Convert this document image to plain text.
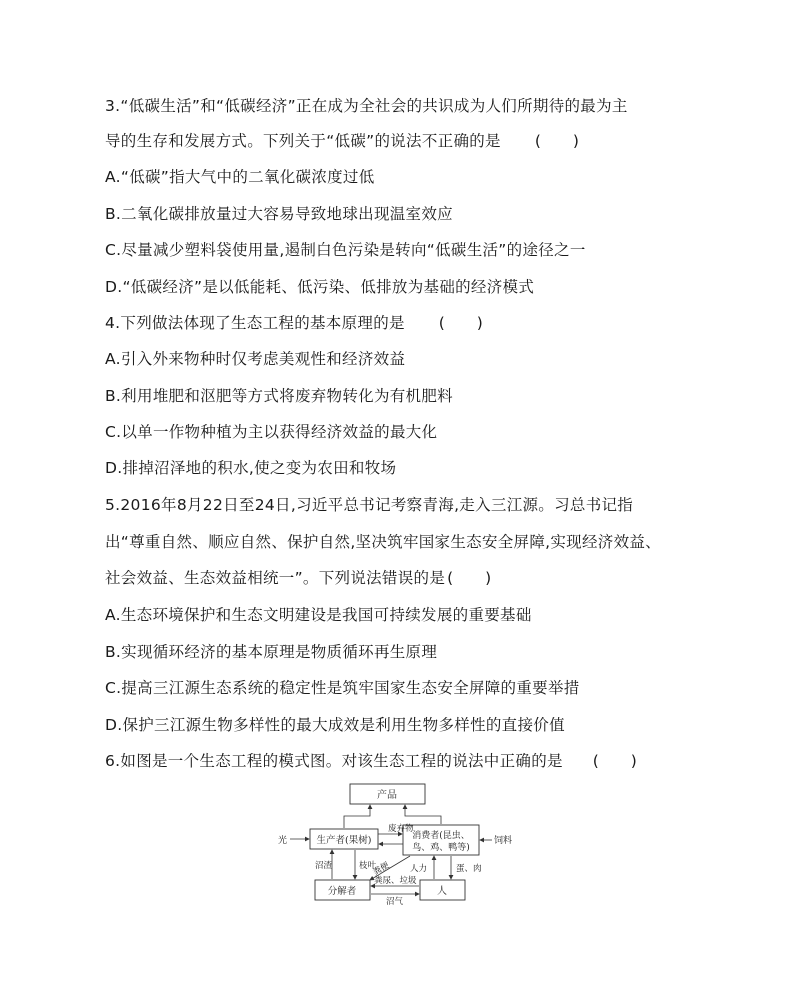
3.“低碳生活”和“低碳经济”正在成为全社会的共识成为人们所期待的最为主
导的生存和发展方式。下列关于“低碳”的说法不正确的是 (　　)
A.“低碳”指大气中的二氧化碳浓度过低
B.二氧化碳排放量过大容易导致地球出现温室效应
C.尽量减少塑料袋使用量,遏制白色污染是转向“低碳生活”的途径之一
D.“低碳经济”是以低能耗、低污染、低排放为基础的经济模式
4.下列做法体现了生态工程的基本原理的是 (　　)
A.引入外来物种时仅考虑美观性和经济效益
B.利用堆肥和沤肥等方式将废弃物转化为有机肥料
C.以单一作物种植为主以获得经济效益的最大化
D.排掉沼泽地的积水,使之变为农田和牧场
5.2016年8月22日至24日,习近平总书记考察青海,走入三江源。习总书记指
出“尊重自然、顺应自然、保护自然,坚决筑牢国家生态安全屏障,实现经济效益、
社会效益、生态效益相统一”。下列说法错误的是 (　　)
A.生态环境保护和生态文明建设是我国可持续发展的重要基础
B.实现循环经济的基本原理是物质循环再生原理
C.提高三江源生态系统的稳定性是筑牢国家生态安全屏障的重要举措
D.保护三江源生物多样性的最大成效是利用生物多样性的直接价值
6.如图是一个生态工程的模式图。对该生态工程的说法中正确的是 (　　)
产品
生产者(果树)	消费者(昆虫、
鸟、鸡、鸭等)
分解者	人
光	饲料
废弃物
沼渣	枝叶
粪便 人力	蛋、肉
粪尿、垃圾
沼气
